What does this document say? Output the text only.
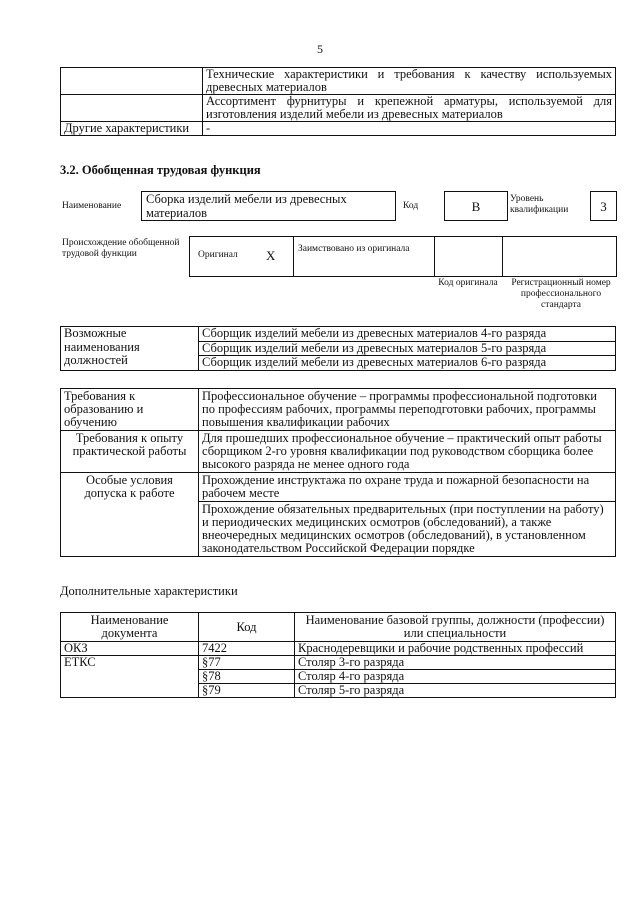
5
	Технические характеристики и требования к качеству используемых древесных материалов
	Ассортимент фурнитуры и крепежной арматуры, используемой для изготовления изделий мебели из древесных материалов
Другие характеристики	-
3.2. Обобщенная трудовая функция
Наименование	Сборка изделий мебели из древесных материалов	Код	В	Уровень квалификации	3
Происхождение обобщенной трудовой функции	Оригинал X Заимствовано из оригинала
Код оригинала	Регистрационный номер профессионального стандарта
Возможные наименования должностей	Сборщик изделий мебели из древесных материалов 4-го разряда
Сборщик изделий мебели из древесных материалов 5-го разряда
Сборщик изделий мебели из древесных материалов 6-го разряда
Требования к образованию и обучению	Профессиональное обучение – программы профессиональной подготовки по профессиям рабочих, программы переподготовки рабочих, программы повышения квалификации рабочих
Требования к опыту практической работы	Для прошедших профессиональное обучение – практический опыт работы сборщиком 2-го уровня квалификации под руководством сборщика более высокого разряда не менее одного года
Особые условия допуска к работе	Прохождение инструктажа по охране труда и пожарной безопасности на рабочем месте
	Прохождение обязательных предварительных (при поступлении на работу) и периодических медицинских осмотров (обследований), а также внеочередных медицинских осмотров (обследований), в установленном законодательством Российской Федерации порядке
Дополнительные характеристики
Наименование документа	Код	Наименование базовой группы, должности (профессии) или специальности
ОКЗ	7422	Краснодеревщики и рабочие родственных профессий
ЕТКС	§77	Столяр 3-го разряда
	§78	Столяр 4-го разряда
	§79	Столяр 5-го разряда
